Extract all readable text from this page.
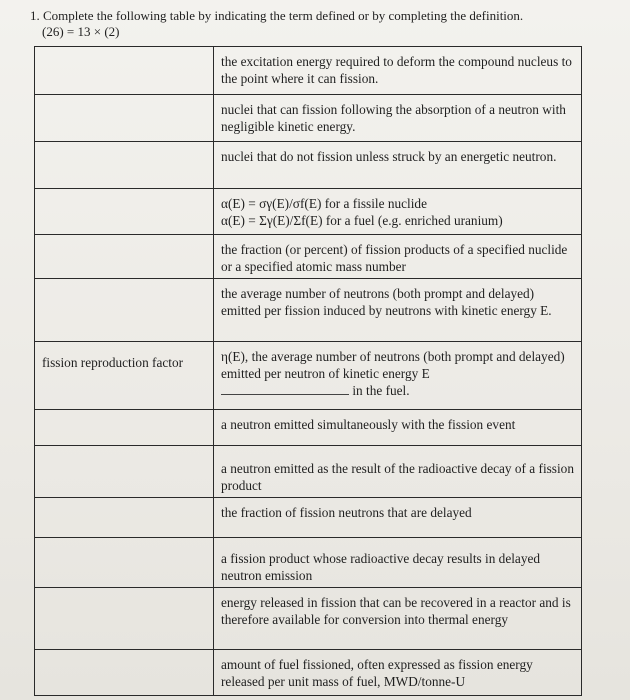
1. Complete the following table by indicating the term defined or by completing the definition.
(26) = 13 × (2)
	the excitation energy required to deform the compound nucleus to the point where it can fission.
	nuclei that can fission following the absorption of a neutron with negligible kinetic energy.
	nuclei that do not fission unless struck by an energetic neutron.

	α(E) = σγ(E)/σf(E) for a fissile nuclide
α(E) = Σγ(E)/Σf(E) for a fuel (e.g. enriched uranium)

	the fraction (or percent) of fission products of a specified nuclide or a specified atomic mass number
	the average number of neutrons (both prompt and delayed) emitted per fission induced by neutrons with kinetic energy E.

fission reproduction factor	η(E), the average number of neutrons (both prompt and delayed) emitted per neutron of kinetic energy E
in the fuel.

	a neutron emitted simultaneously with the fission event
	a neutron emitted as the result of the radioactive decay of a fission product
	the fraction of fission neutrons that are delayed
	a fission product whose radioactive decay results in delayed neutron emission
	energy released in fission that can be recovered in a reactor and is therefore available for conversion into thermal energy
	amount of fuel fissioned, often expressed as fission energy released per unit mass of fuel, MWD/tonne-U
